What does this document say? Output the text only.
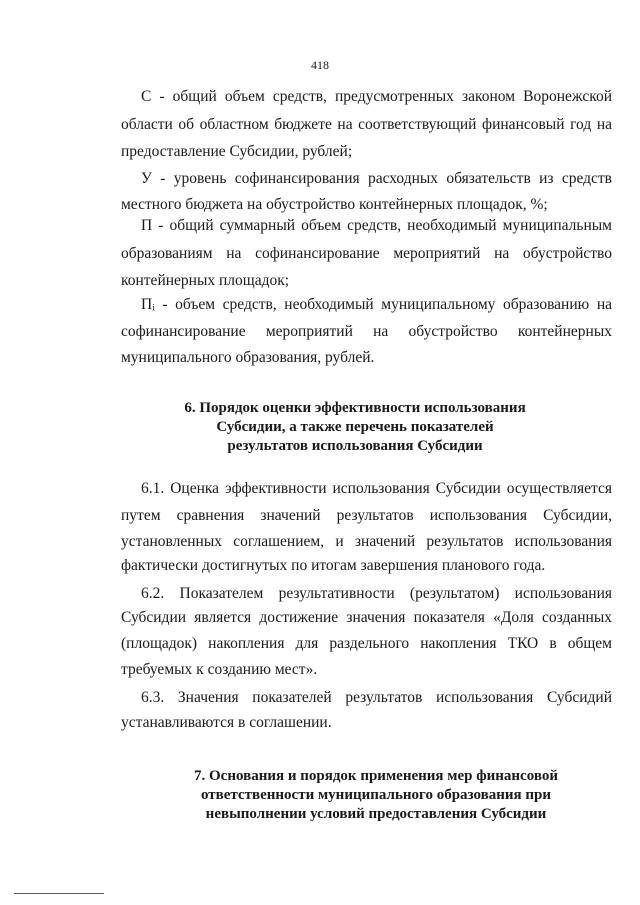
418
С - общий объем средств, предусмотренных законом Воронежской
области об областном бюджете на соответствующий финансовый год на
предоставление Субсидии, рублей;
У - уровень софинансирования расходных обязательств из средств
местного бюджета на обустройство контейнерных площадок, %;
П - общий суммарный объем средств, необходимый муниципальным
образованиям на софинансирование мероприятий на обустройство
контейнерных площадок;
Пᵢ - объем средств, необходимый муниципальному образованию на
софинансирование мероприятий на обустройство контейнерных
муниципального образования, рублей.
6. Порядок оценки эффективности использования
Субсидии, а также перечень показателей
результатов использования Субсидии
6.1. Оценка эффективности использования Субсидии осуществляется
путем сравнения значений результатов использования Субсидии,
установленных соглашением, и значений результатов использования
фактически достигнутых по итогам завершения планового года.
6.2. Показателем результативности (результатом) использования
Субсидии является достижение значения показателя «Доля созданных
(площадок) накопления для раздельного накопления ТКО в общем
требуемых к созданию мест».
6.3. Значения показателей результатов использования Субсидий
устанавливаются в соглашении.
7. Основания и порядок применения мер финансовой
ответственности муниципального образования при
невыполнении условий предоставления Субсидии
